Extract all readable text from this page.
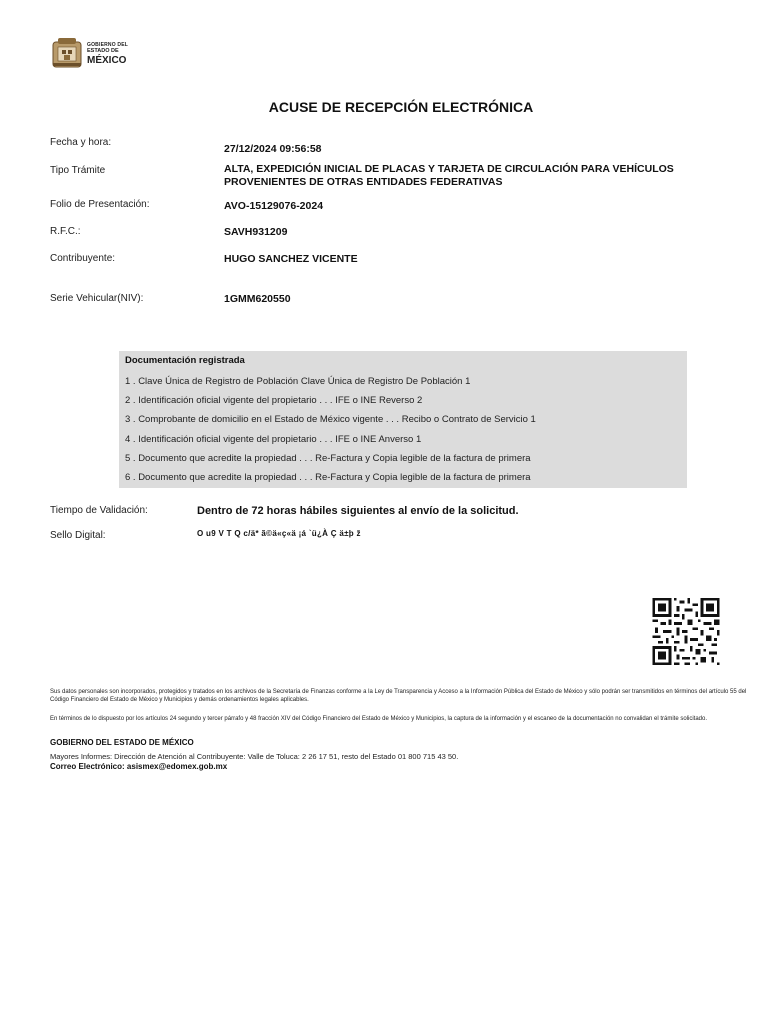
GOBIERNO DEL
ESTADO DE
MÉXICO
ACUSE DE RECEPCIÓN ELECTRÓNICA
Fecha y hora:
27/12/2024 09:56:58
Tipo Trámite	ALTA, EXPEDICIÓN INICIAL DE PLACAS Y TARJETA DE CIRCULACIÓN PARA VEHÍCULOS
PROVENIENTES DE OTRAS ENTIDADES FEDERATIVAS
Folio de Presentación:	AVO-15129076-2024
R.F.C.:	SAVH931209
Contribuyente:	HUGO SANCHEZ VICENTE
Serie Vehicular(NIV):	1GMM620550
Documentación registrada
1 . Clave Única de Registro de Población Clave Única de Registro De Población 1
2 . Identificación oficial vigente del propietario . . . IFE o INE Reverso 2
3 . Comprobante de domicilio en el Estado de México vigente . . . Recibo o Contrato de Servicio 1
4 . Identificación oficial vigente del propietario . . . IFE o INE Anverso 1
5 . Documento que acredite la propiedad . . . Re-Factura y Copia legible de la factura de primera
6 . Documento que acredite la propiedad . . . Re-Factura y Copia legible de la factura de primera
Tiempo de Validación:	Dentro de 72 horas hábiles siguientes al envío de la solicitud.
Sello Digital:	O u9 V T Q c/ä* ã©ä«ç«ä ¡á `ü¿À Ç ä±þ ž
Sus datos personales son incorporados, protegidos y tratados en los archivos de la Secretaría de Finanzas conforme a la Ley de Transparencia y Acceso a la Información Pública del Estado de México y sólo podrán ser transmitidos en términos del artículo 55 del Código Financiero del Estado de México y Municipios y demás ordenamientos legales aplicables.
En términos de lo dispuesto por los artículos 24 segundo y tercer párrafo y 48 fracción XIV del Código Financiero del Estado de México y Municipios, la captura de la información y el escaneo de la documentación no convalidan el trámite solicitado.
GOBIERNO DEL ESTADO DE MÉXICO
Mayores Informes: Dirección de Atención al Contribuyente: Valle de Toluca: 2 26 17 51, resto del Estado 01 800 715 43 50.
Correo Electrónico: asismex@edomex.gob.mx
